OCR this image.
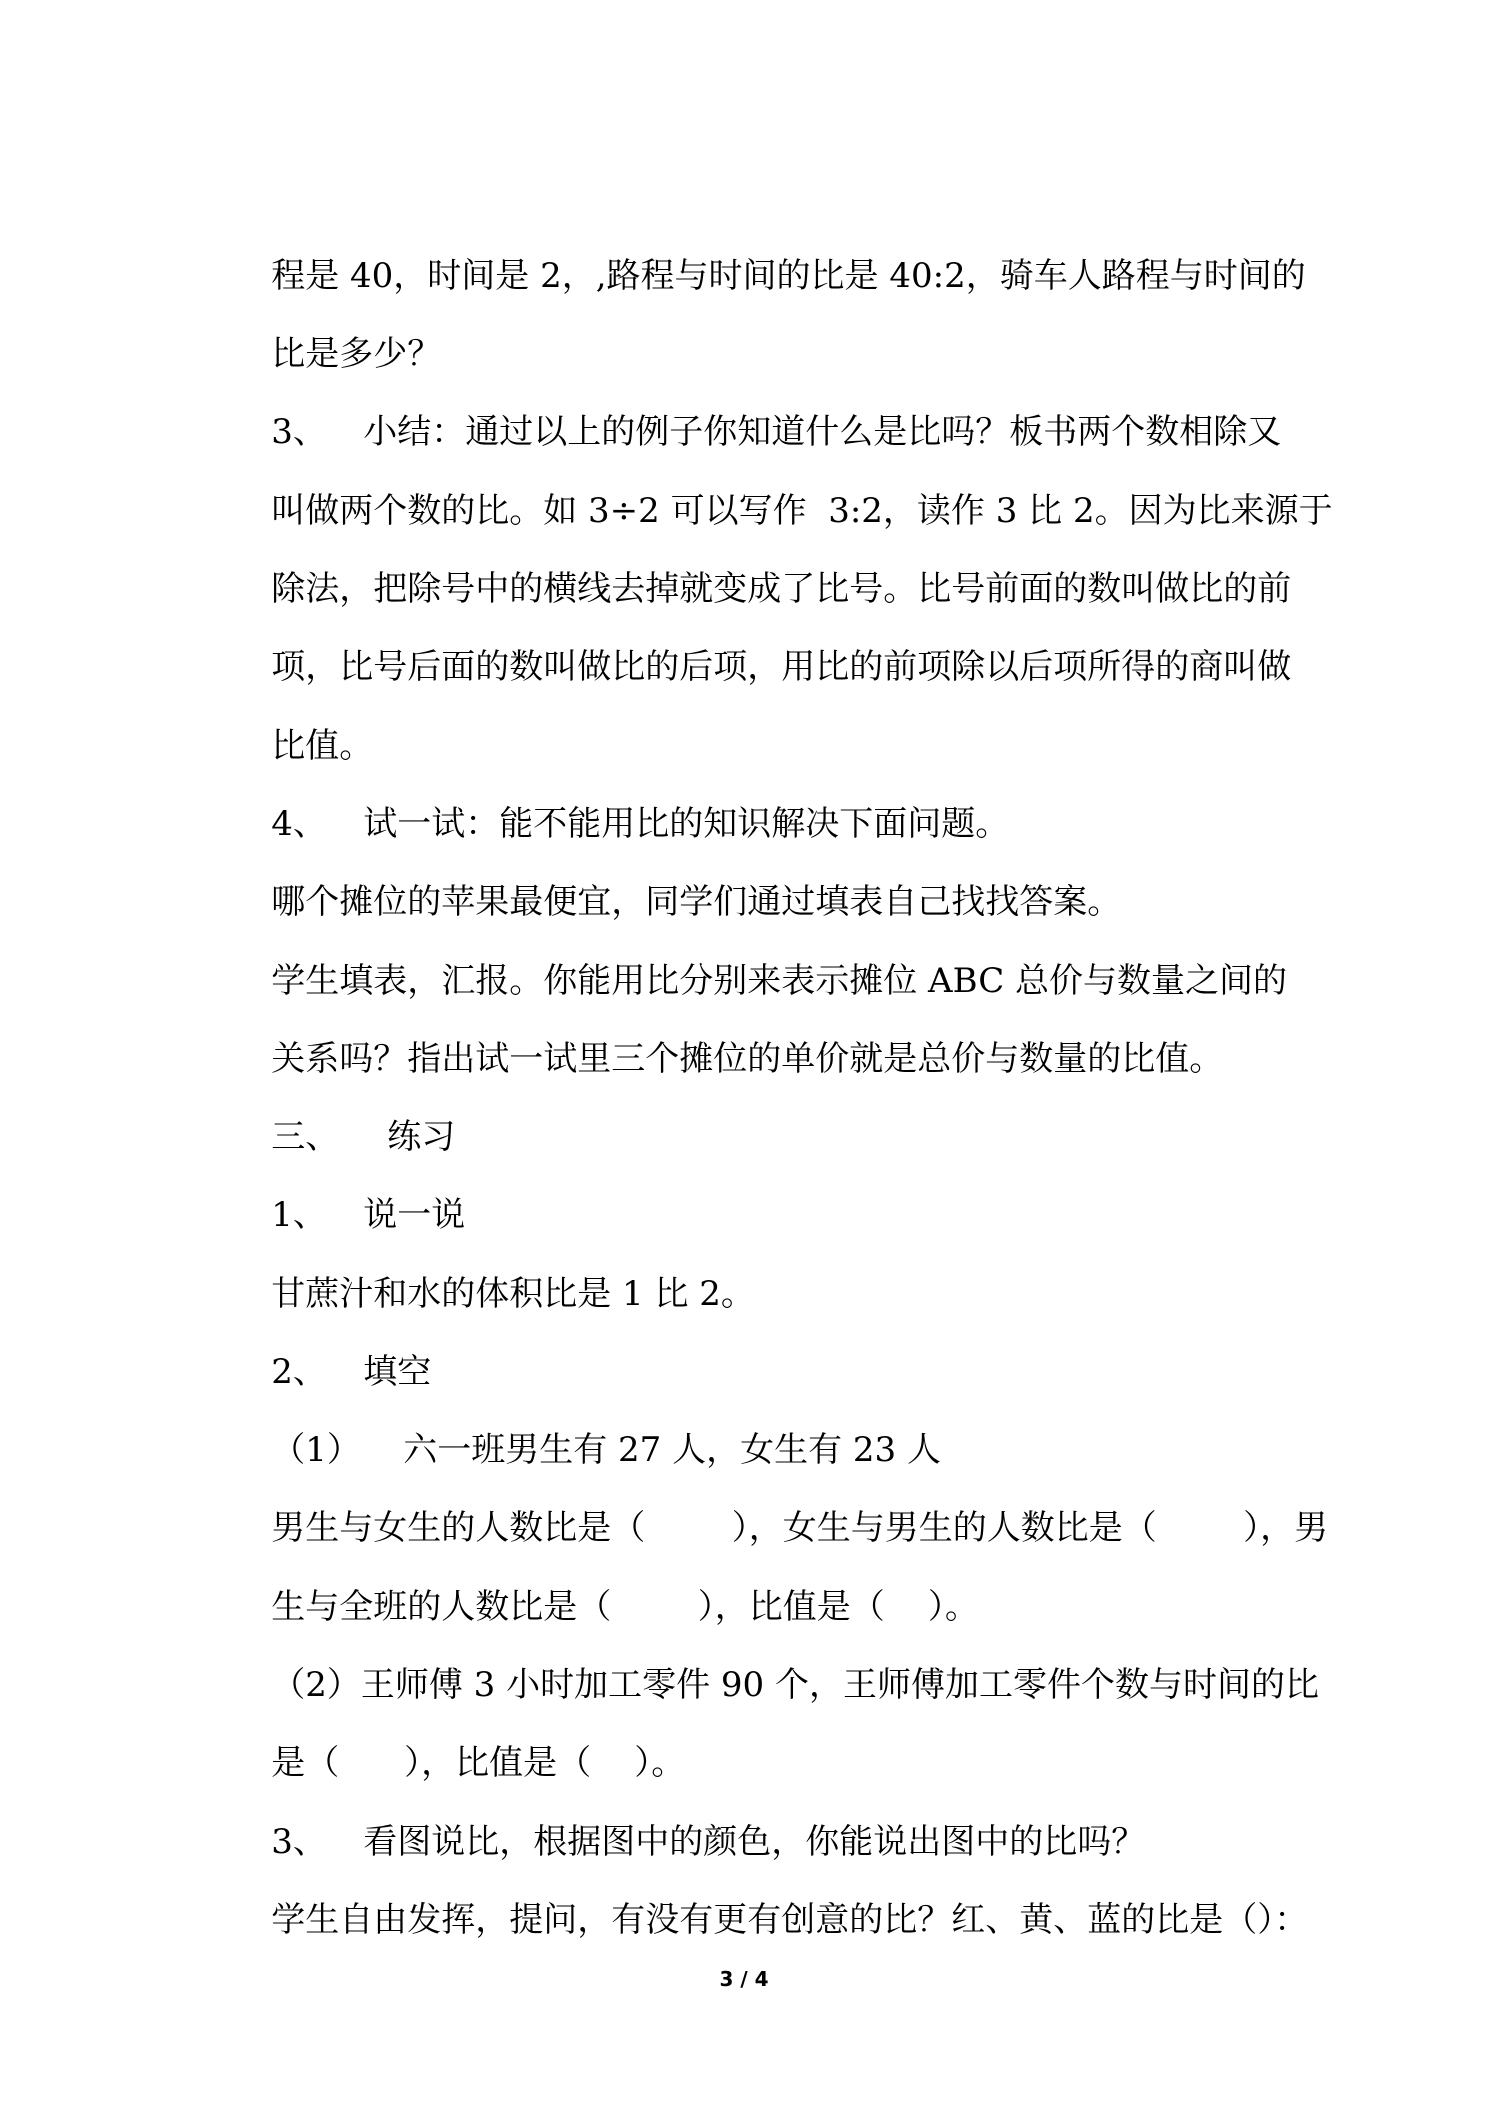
程是 40，时间是 2，,路程与时间的比是 40:2，骑车人路程与时间的

比是多少？

3、 小结：通过以上的例子你知道什么是比吗？板书两个数相除又

叫做两个数的比。如 3÷2 可以写作  3:2，读作 3 比 2。因为比来源于

除法，把除号中的横线去掉就变成了比号。比号前面的数叫做比的前

项，比号后面的数叫做比的后项，用比的前项除以后项所得的商叫做

比值。

4、 试一试：能不能用比的知识解决下面问题。

哪个摊位的苹果最便宜，同学们通过填表自己找找答案。

学生填表，汇报。你能用比分别来表示摊位 ABC 总价与数量之间的

关系吗？指出试一试里三个摊位的单价就是总价与数量的比值。

三、 练习

1、 说一说

甘蔗汁和水的体积比是 1 比 2。

2、 填空

（1） 六一班男生有 27 人，女生有 23 人

男生与女生的人数比是（        ），女生与男生的人数比是（        ），男

生与全班的人数比是（        ），比值是（    ）。

（2）王师傅 3 小时加工零件 90 个，王师傅加工零件个数与时间的比

是（      ），比值是（    ）。

3、 看图说比，根据图中的颜色，你能说出图中的比吗？

学生自由发挥，提问，有没有更有创意的比？红、黄、蓝的比是（）：

3 / 4
